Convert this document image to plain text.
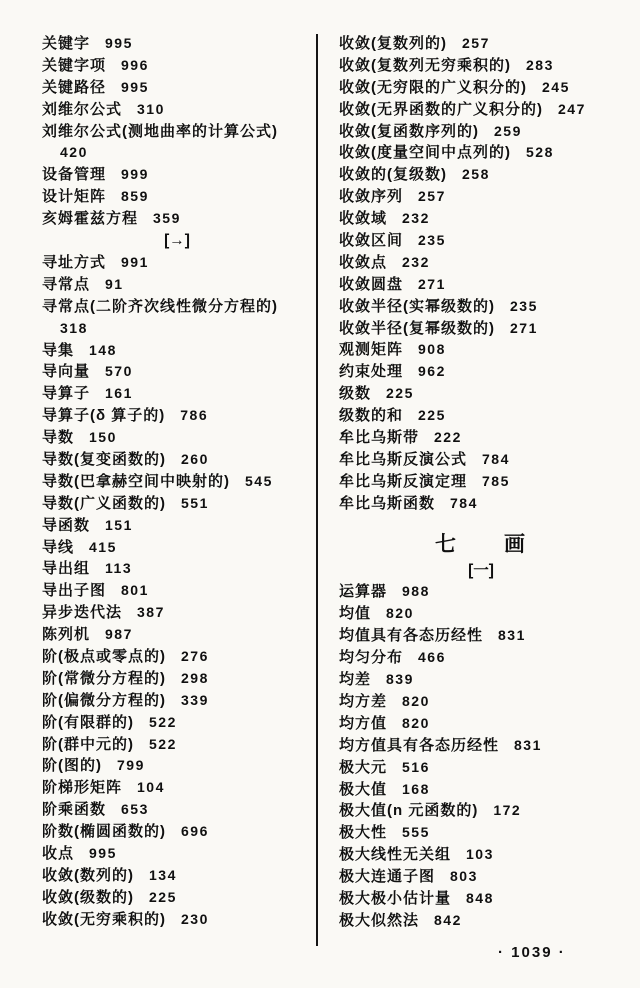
关键字 995
关键字项 996
关键路径 995
刘维尔公式 310
刘维尔公式(测地曲率的计算公式)
420
设备管理 999
设计矩阵 859
亥姆霍兹方程 359
[→]
寻址方式 991
寻常点 91
寻常点(二阶齐次线性微分方程的)
318
导集 148
导向量 570
导算子 161
导算子(δ 算子的) 786
导数 150
导数(复变函数的) 260
导数(巴拿赫空间中映射的) 545
导数(广义函数的) 551
导函数 151
导线 415
导出组 113
导出子图 801
异步迭代法 387
陈列机 987
阶(极点或零点的) 276
阶(常微分方程的) 298
阶(偏微分方程的) 339
阶(有限群的) 522
阶(群中元的) 522
阶(图的) 799
阶梯形矩阵 104
阶乘函数 653
阶数(椭圆函数的) 696
收点 995
收敛(数列的) 134
收敛(级数的) 225
收敛(无穷乘积的) 230
收敛(复数列的) 257
收敛(复数列无穷乘积的) 283
收敛(无穷限的广义积分的) 245
收敛(无界函数的广义积分的) 247
收敛(复函数序列的) 259
收敛(度量空间中点列的) 528
收敛的(复级数) 258
收敛序列 257
收敛域 232
收敛区间 235
收敛点 232
收敛圆盘 271
收敛半径(实幂级数的) 235
收敛半径(复幂级数的) 271
观测矩阵 908
约束处理 962
级数 225
级数的和 225
牟比乌斯带 222
牟比乌斯反演公式 784
牟比乌斯反演定理 785
牟比乌斯函数 784
七　　画
[一]
运算器 988
均值 820
均值具有各态历经性 831
均匀分布 466
均差 839
均方差 820
均方值 820
均方值具有各态历经性 831
极大元 516
极大值 168
极大值(n 元函数的) 172
极大性 555
极大线性无关组 103
极大连通子图 803
极大极小估计量 848
极大似然法 842
· 1039 ·
